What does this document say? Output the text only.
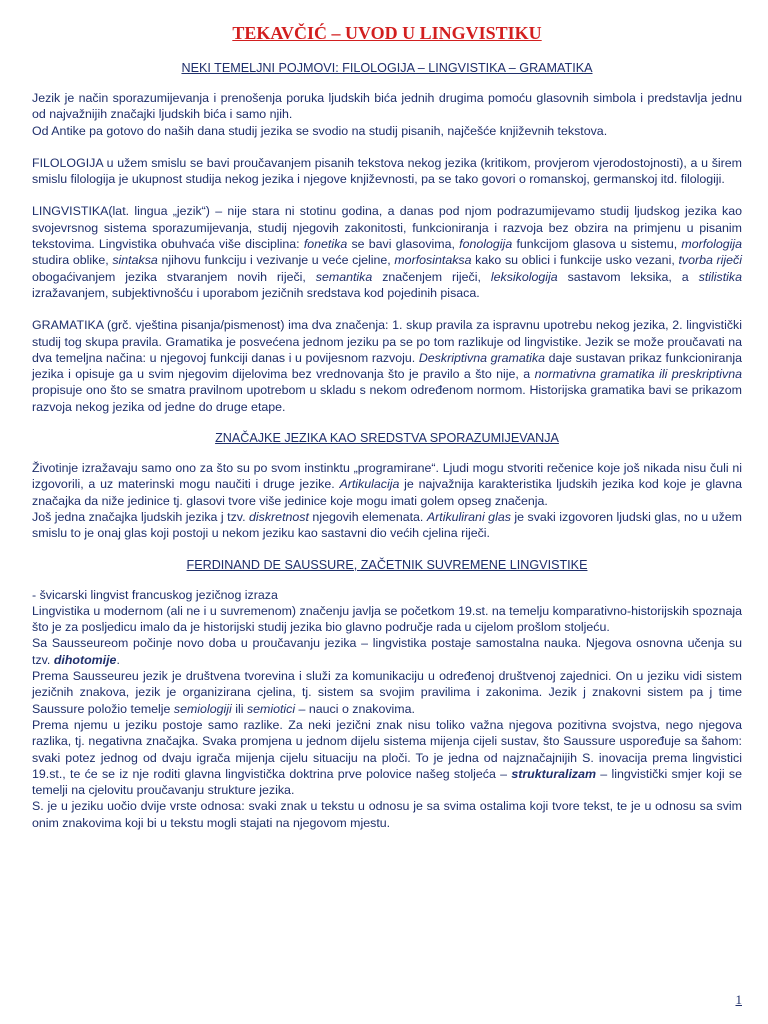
TEKAVČIĆ – UVOD U LINGVISTIKU
NEKI TEMELJNI POJMOVI: FILOLOGIJA – LINGVISTIKA – GRAMATIKA

Jezik je način sporazumijevanja i prenošenja poruka ljudskih bića jednih drugima pomoću glasovnih simbola i predstavlja jednu od najvažnijih značajki ljudskih bića i samo njih.

Od Antike pa gotovo do naših dana studij jezika se svodio na studij pisanih, najčešće književnih tekstova.

FILOLOGIJA u užem smislu se bavi proučavanjem pisanih tekstova nekog jezika (kritikom, provjerom vjerodostojnosti), a u širem smislu filologija je ukupnost studija nekog jezika i njegove književnosti, pa se tako govori o romanskoj, germanskoj itd. filologiji.

LINGVISTIKA(lat. lingua „jezik“) – nije stara ni stotinu godina, a danas pod njom podrazumijevamo studij ljudskog jezika kao svojevrsnog sistema sporazumijevanja, studij njegovih zakonitosti, funkcioniranja i razvoja bez obzira na primjenu u pisanim tekstovima. Lingvistika obuhvaća više disciplina: fonetika se bavi glasovima, fonologija funkcijom glasova u sistemu, morfologija studira oblike, sintaksa njihovu funkciju i vezivanje u veće cjeline, morfosintaksa kako su oblici i funkcije usko vezani, tvorba riječi obogaćivanjem jezika stvaranjem novih riječi, semantika značenjem riječi, leksikologija sastavom leksika, a stilistika izražavanjem, subjektivnošću i uporabom jezičnih sredstava kod pojedinih pisaca.

GRAMATIKA (grč. vještina pisanja/pismenost) ima dva značenja: 1. skup pravila za ispravnu upotrebu nekog jezika, 2. lingvistički studij tog skupa pravila. Gramatika je posvećena jednom jeziku pa se po tom razlikuje od lingvistike. Jezik se može proučavati na dva temeljna načina: u njegovoj funkciji danas i u povijesnom razvoju. Deskriptivna gramatika daje sustavan prikaz funkcioniranja jezika i opisuje ga u svim njegovim dijelovima bez vrednovanja što je pravilo a što nije, a normativna gramatika ili preskriptivna propisuje ono što se smatra pravilnom upotrebom u skladu s nekom određenom normom. Historijska gramatika bavi se prikazom razvoja nekog jezika od jedne do druge etape.

ZNAČAJKE JEZIKA KAO SREDSTVA SPORAZUMIJEVANJA

Životinje izražavaju samo ono za što su po svom instinktu „programirane“. Ljudi mogu stvoriti rečenice koje još nikada nisu čuli ni izgovorili, a uz materinski mogu naučiti i druge jezike. Artikulacija je najvažnija karakteristika ljudskih jezika kod koje je glavna značajka da niže jedinice tj. glasovi tvore više jedinice koje mogu imati golem opseg značenja.

Još jedna značajka ljudskih jezika j tzv. diskretnost njegovih elemenata. Artikulirani glas je svaki izgovoren ljudski glas, no u užem smislu to je onaj glas koji postoji u nekom jeziku kao sastavni dio većih cjelina riječi.

FERDINAND DE SAUSSURE, ZAČETNIK SUVREMENE LINGVISTIKE

- švicarski lingvist francuskog jezičnog izraza

Lingvistika u modernom (ali ne i u suvremenom) značenju javlja se početkom 19.st. na temelju komparativno-historijskih spoznaja što je za posljedicu imalo da je historijski studij jezika bio glavno područje rada u cijelom prošlom stoljeću.

Sa Sausseureom počinje novo doba u proučavanju jezika – lingvistika postaje samostalna nauka. Njegova osnovna učenja su tzv. dihotomije.

Prema Sausseureu jezik je društvena tvorevina i služi za komunikaciju u određenoj društvenoj zajednici. On u jeziku vidi sistem jezičnih znakova, jezik je organizirana cjelina, tj. sistem sa svojim pravilima i zakonima. Jezik j znakovni sistem pa j time Saussure položio temelje semiologiji ili semiotici – nauci o znakovima.

Prema njemu u jeziku postoje samo razlike. Za neki jezični znak nisu toliko važna njegova pozitivna svojstva, nego njegova razlika, tj. negativna značajka. Svaka promjena u jednom dijelu sistema mijenja cijeli sustav, što Saussure uspoređuje sa šahom: svaki potez jednog od dvaju igrača mijenja cijelu situaciju na ploči. To je jedna od najznačajnijih S. inovacija prema lingvistici 19.st., te će se iz nje roditi glavna lingvistička doktrina prve polovice našeg stoljeća – strukturalizam – lingvistički smjer koji se temelji na cjelovitu proučavanju strukture jezika.

S. je u jeziku uočio dvije vrste odnosa: svaki znak u tekstu u odnosu je sa svima ostalima koji tvore tekst, te je u odnosu sa svim onim znakovima koji bi u tekstu mogli stajati na njegovom mjestu.

1
